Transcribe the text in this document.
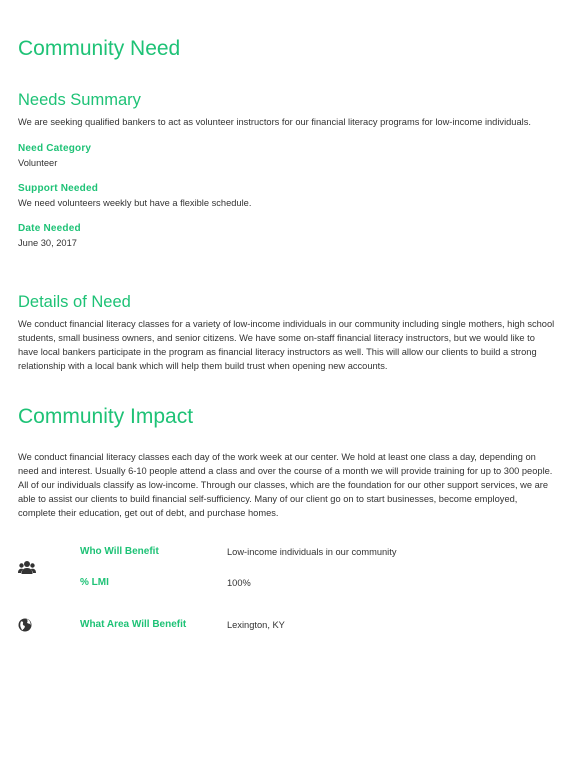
Community Need
Needs Summary
We are seeking qualified bankers to act as volunteer instructors for our financial literacy programs for low-income individuals.
Need Category
Volunteer
Support Needed
We need volunteers weekly but have a flexible schedule.
Date Needed
June 30, 2017
Details of Need
We conduct financial literacy classes for a variety of low-income individuals in our community including single mothers, high school students, small business owners, and senior citizens. We have some on-staff financial literacy instructors, but we would like to have local bankers participate in the program as financial literacy instructors as well. This will allow our clients to build a strong relationship with a local bank which will help them build trust when opening new accounts.
Community Impact
We conduct financial literacy classes each day of the work week at our center. We hold at least one class a day, depending on need and interest. Usually 6-10 people attend a class and over the course of a month we will provide training for up to 300 people. All of our individuals classify as low-income. Through our classes, which are the foundation for our other support services, we are able to assist our clients to build financial self-sufficiency. Many of our client go on to start businesses, become employed, complete their education, get out of debt, and purchase homes.
Who Will Benefit	Low-income individuals in our community
% LMI	100%
What Area Will Benefit	Lexington, KY
